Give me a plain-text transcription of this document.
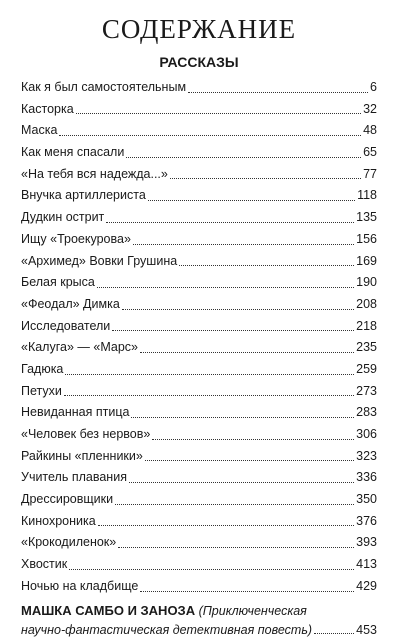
СОДЕРЖАНИЕ
РАССКАЗЫ
Как я был самостоятельным	6
Касторка	32
Маска	48
Как меня спасали	65
«На тебя вся надежда...»	77
Внучка артиллериста	118
Дудкин острит	135
Ищу «Троекурова»	156
«Архимед» Вовки Грушина	169
Белая крыса	190
«Феодал» Димка	208
Исследователи	218
«Калуга» — «Марс»	235
Гадюка	259
Петухи	273
Невиданная птица	283
«Человек без нервов»	306
Райкины «пленники»	323
Учитель плавания	336
Дрессировщики	350
Кинохроника	376
«Крокодиленок»	393
Хвостик	413
Ночью на кладбище	429
МАШКА САМБО И ЗАНОЗА (Приключенческая
научно-фантастическая детективная повесть)	453
